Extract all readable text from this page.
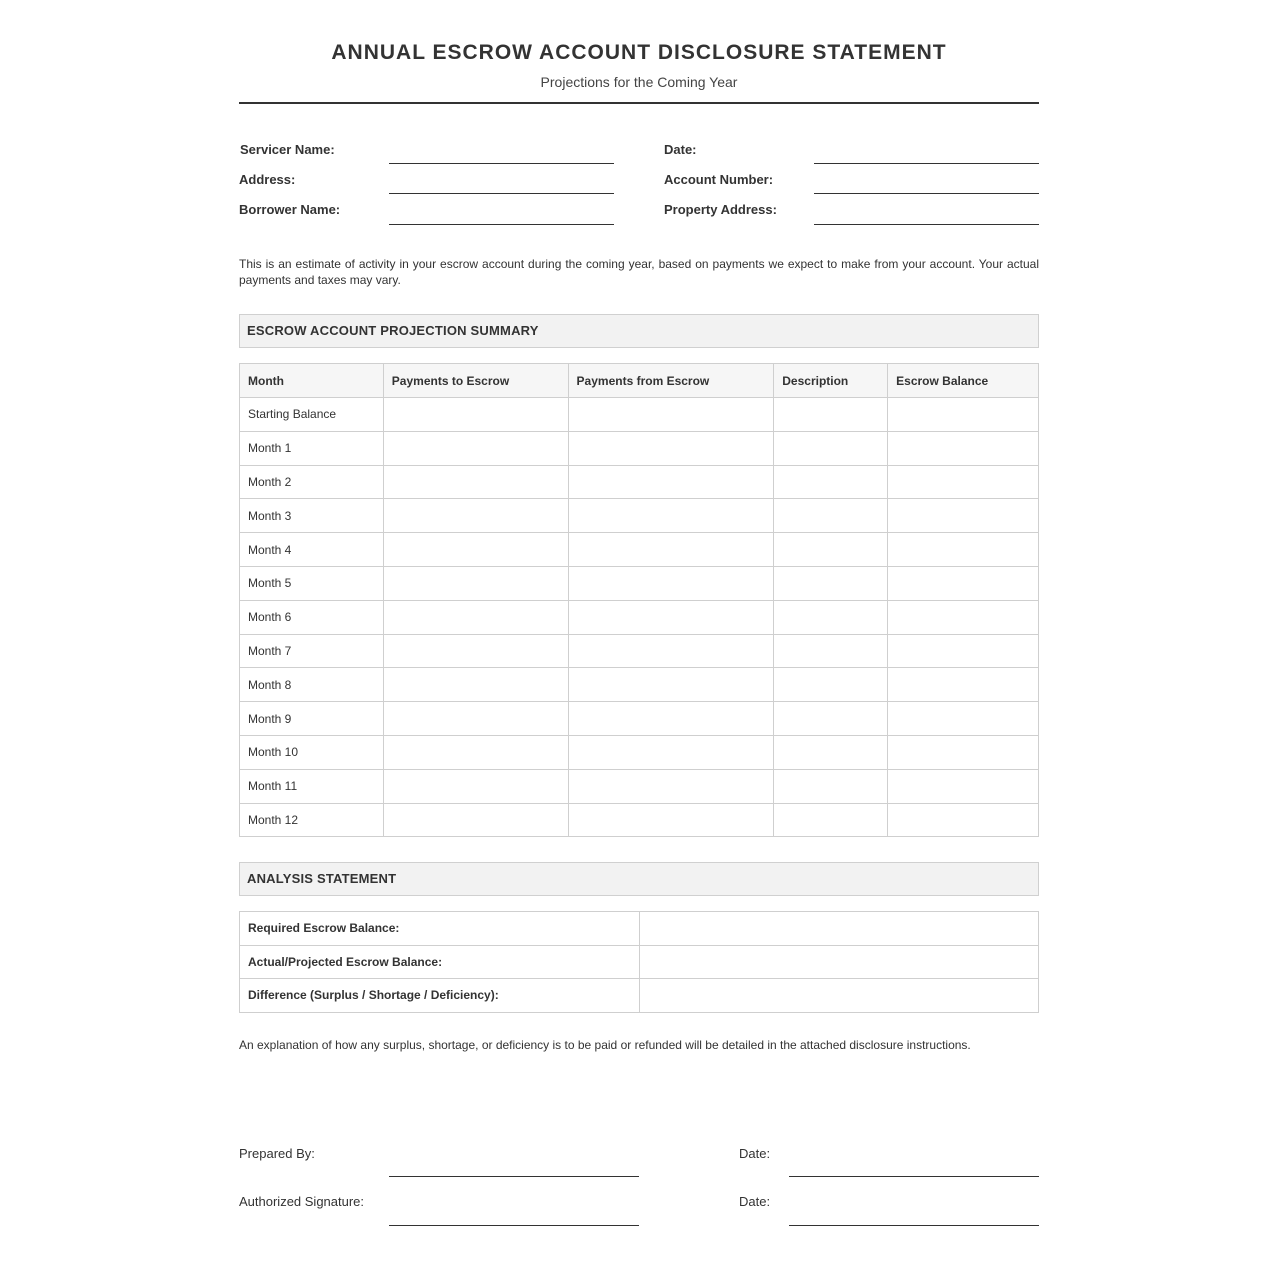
ANNUAL ESCROW ACCOUNT DISCLOSURE STATEMENT
Projections for the Coming Year
Servicer Name:
Address:
Borrower Name:
Date:
Account Number:
Property Address:
This is an estimate of activity in your escrow account during the coming year, based on payments we expect to make from your account. Your actual payments and taxes may vary.
ESCROW ACCOUNT PROJECTION SUMMARY
Month	Payments to Escrow	Payments from Escrow	Description	Escrow Balance
Starting Balance				
Month 1				
Month 2				
Month 3				
Month 4				
Month 5				
Month 6				
Month 7				
Month 8				
Month 9				
Month 10				
Month 11				
Month 12				
ANALYSIS STATEMENT
Required Escrow Balance:	
Actual/Projected Escrow Balance:	
Difference (Surplus / Shortage / Deficiency):	
An explanation of how any surplus, shortage, or deficiency is to be paid or refunded will be detailed in the attached disclosure instructions.
Prepared By:	Date:
Authorized Signature:	Date:
